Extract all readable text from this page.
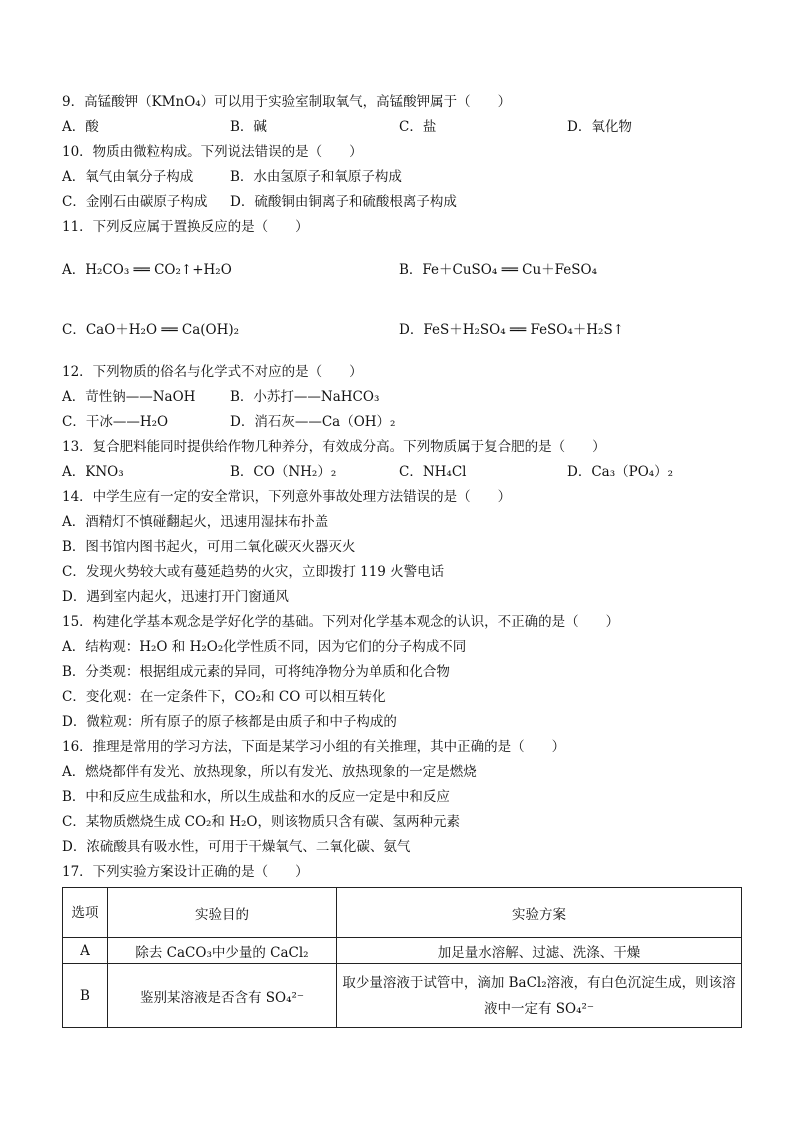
9．高锰酸钾（KMnO₄）可以用于实验室制取氧气，高锰酸钾属于（　　）
A．酸	B．碱	C．盐	D．氧化物
10．物质由微粒构成。下列说法错误的是（　　）
A．氧气由氧分子构成	B．水由氢原子和氧原子构成
C．金刚石由碳原子构成 D．硫酸铜由铜离子和硫酸根离子构成
11．下列反应属于置换反应的是（　　）
A．H₂CO₃ ══ CO₂↑+H₂O	B．Fe＋CuSO₄ ══ Cu＋FeSO₄
C．CaO＋H₂O ══ Ca(OH)₂	D．FeS＋H₂SO₄ ══ FeSO₄＋H₂S↑
12．下列物质的俗名与化学式不对应的是（　　）
A．苛性钠——NaOH	B．小苏打——NaHCO₃
C．干冰——H₂O	D．消石灰——Ca（OH）₂
13．复合肥料能同时提供给作物几种养分，有效成分高。下列物质属于复合肥的是（　　）
A．KNO₃	B．CO（NH₂）₂	C．NH₄Cl	D．Ca₃（PO₄）₂
14．中学生应有一定的安全常识，下列意外事故处理方法错误的是（　　）
A．酒精灯不慎碰翻起火，迅速用湿抹布扑盖
B．图书馆内图书起火，可用二氧化碳灭火器灭火
C．发现火势较大或有蔓延趋势的火灾，立即拨打 119 火警电话
D．遇到室内起火，迅速打开门窗通风
15．构建化学基本观念是学好化学的基础。下列对化学基本观念的认识，不正确的是（　　）
A．结构观：H₂O 和 H₂O₂化学性质不同，因为它们的分子构成不同
B．分类观：根据组成元素的异同，可将纯净物分为单质和化合物
C．变化观：在一定条件下，CO₂和 CO 可以相互转化
D．微粒观：所有原子的原子核都是由质子和中子构成的
16．推理是常用的学习方法，下面是某学习小组的有关推理，其中正确的是（　　）
A．燃烧都伴有发光、放热现象，所以有发光、放热现象的一定是燃烧
B．中和反应生成盐和水，所以生成盐和水的反应一定是中和反应
C．某物质燃烧生成 CO₂和 H₂O，则该物质只含有碳、氢两种元素
D．浓硫酸具有吸水性，可用于干燥氧气、二氧化碳、氨气
17．下列实验方案设计正确的是（　　）
选项	实验目的	实验方案
A	除去 CaCO₃中少量的 CaCl₂	加足量水溶解、过滤、洗涤、干燥
B	鉴别某溶液是否含有 SO₄²⁻	取少量溶液于试管中，滴加 BaCl₂溶液，有白色沉淀生成，则该溶液中一定有 SO₄²⁻
